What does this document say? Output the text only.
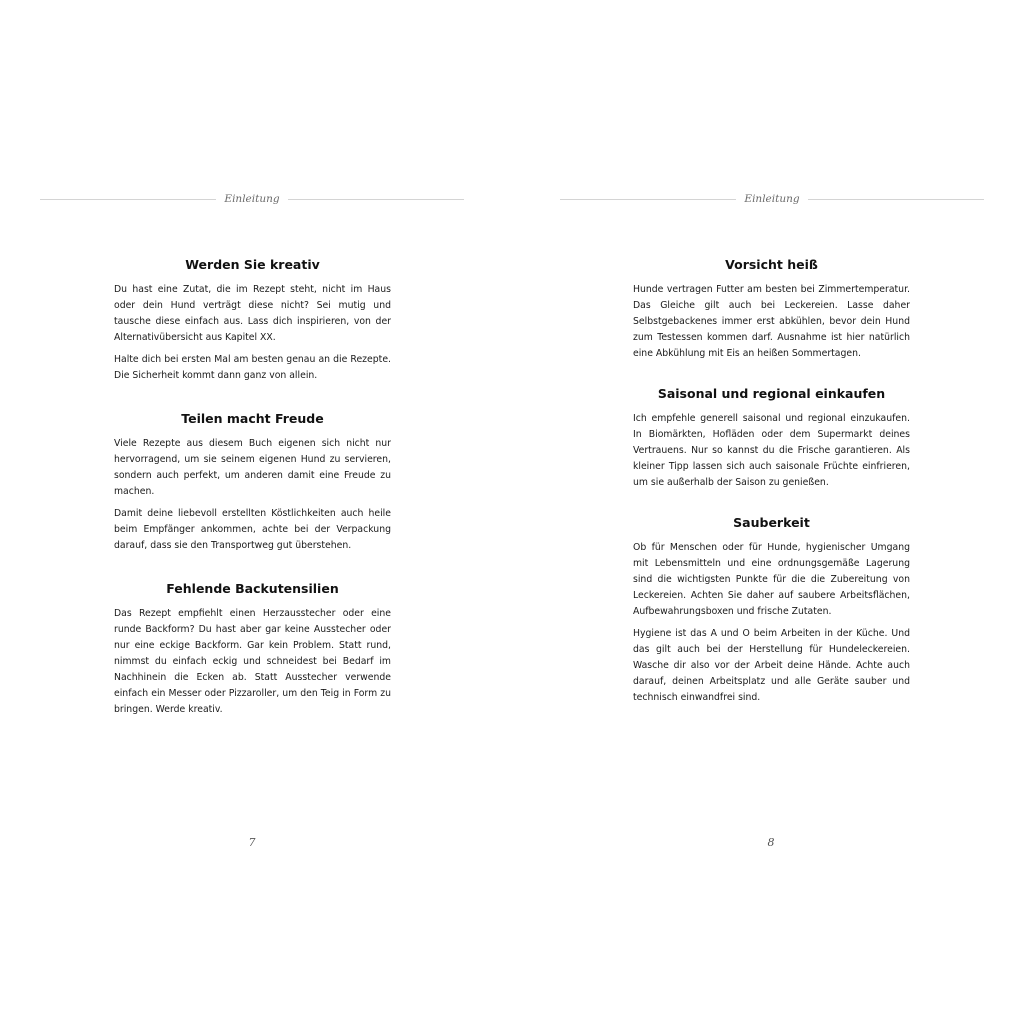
Einleitung
Werden Sie kreativ

Du hast eine Zutat, die im Rezept steht, nicht im Haus oder dein Hund verträgt diese nicht? Sei mutig und tausche diese einfach aus. Lass dich inspirieren, von der Alternativübersicht aus Kapitel XX.

Halte dich bei ersten Mal am besten genau an die Rezepte. Die Sicherheit kommt dann ganz von allein.

Teilen macht Freude

Viele Rezepte aus diesem Buch eigenen sich nicht nur hervorragend, um sie seinem eigenen Hund zu servieren, sondern auch perfekt, um anderen damit eine Freude zu machen.

Damit deine liebevoll erstellten Köstlichkeiten auch heile beim Empfänger ankommen, achte bei der Verpackung darauf, dass sie den Transportweg gut überstehen.

Fehlende Backutensilien

Das Rezept empfiehlt einen Herzausstecher oder eine runde Backform? Du hast aber gar keine Ausstecher oder nur eine eckige Backform. Gar kein Problem. Statt rund, nimmst du einfach eckig und schneidest bei Bedarf im Nachhinein die Ecken ab. Statt Ausstecher verwende einfach ein Messer oder Pizzaroller, um den Teig in Form zu bringen. Werde kreativ.

7
Einleitung
Vorsicht heiß

Hunde vertragen Futter am besten bei Zimmertemperatur. Das Gleiche gilt auch bei Leckereien. Lasse daher Selbstgebackenes immer erst abkühlen, bevor dein Hund zum Testessen kommen darf. Ausnahme ist hier natürlich eine Abkühlung mit Eis an heißen Sommertagen.

Saisonal und regional einkaufen

Ich empfehle generell saisonal und regional einzukaufen. In Biomärkten, Hofläden oder dem Supermarkt deines Vertrauens. Nur so kannst du die Frische garantieren. Als kleiner Tipp lassen sich auch saisonale Früchte einfrieren, um sie außerhalb der Saison zu genießen.

Sauberkeit

Ob für Menschen oder für Hunde, hygienischer Umgang mit Lebensmitteln und eine ordnungsgemäße Lagerung sind die wichtigsten Punkte für die die Zubereitung von Leckereien. Achten Sie daher auf saubere Arbeitsflächen, Aufbewahrungsboxen und frische Zutaten.

Hygiene ist das A und O beim Arbeiten in der Küche. Und das gilt auch bei der Herstellung für Hundeleckereien. Wasche dir also vor der Arbeit deine Hände. Achte auch darauf, deinen Arbeitsplatz und alle Geräte sauber und technisch einwandfrei sind.

8
